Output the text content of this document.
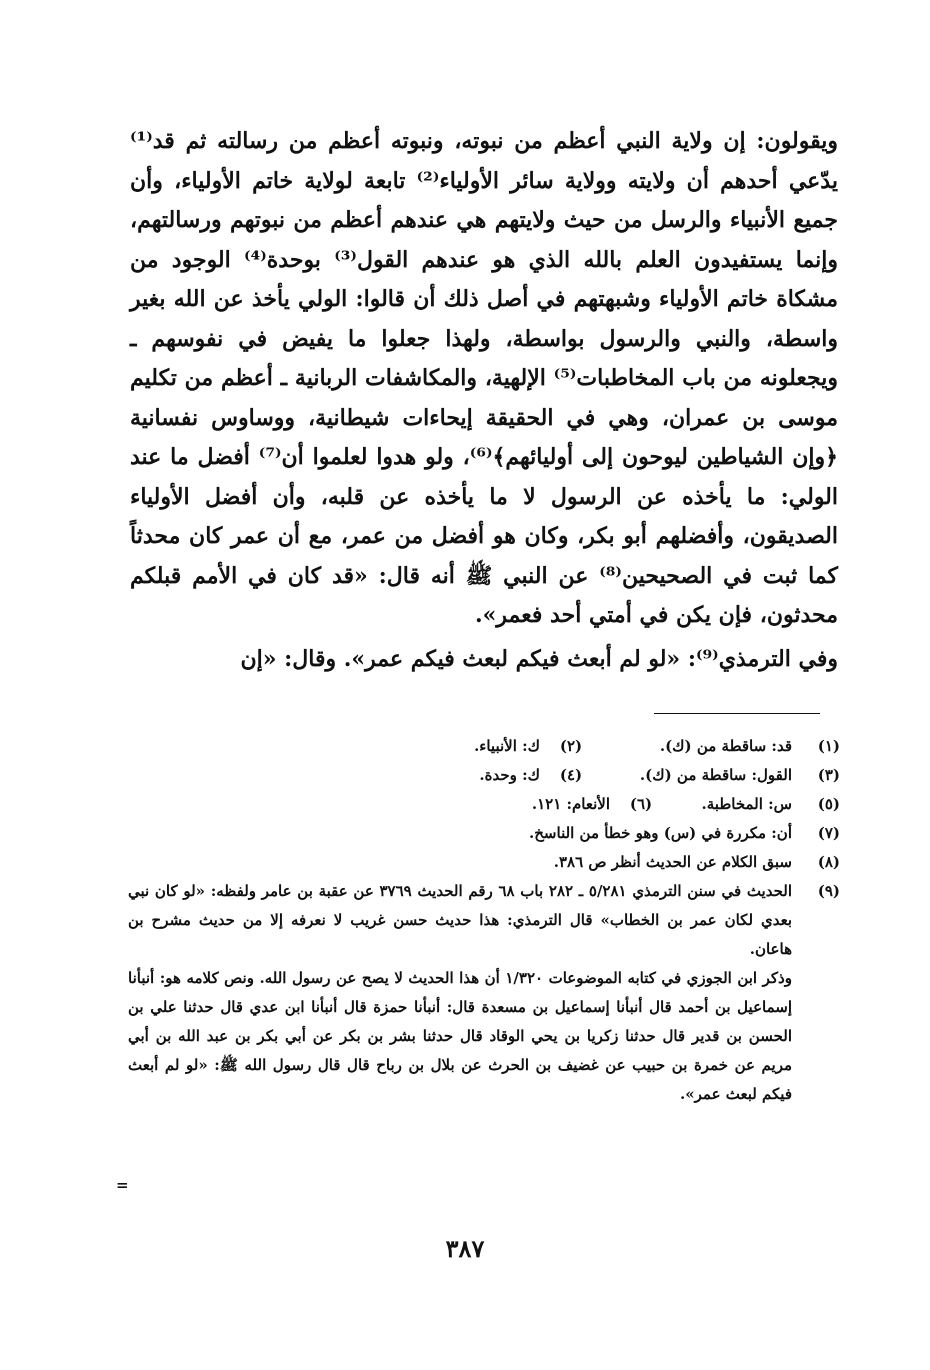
ويقولون: إن ولاية النبي أعظم من نبوته، ونبوته أعظم من رسالته ثم قد⁽¹⁾ يدّعي أحدهم أن ولايته وولاية سائر الأولياء⁽²⁾ تابعة لولاية خاتم الأولياء، وأن جميع الأنبياء والرسل من حيث ولايتهم هي عندهم أعظم من نبوتهم ورسالتهم، وإنما يستفيدون العلم بالله الذي هو عندهم القول⁽³⁾ بوحدة⁽⁴⁾ الوجود من مشكاة خاتم الأولياء وشبهتهم في أصل ذلك أن قالوا: الولي يأخذ عن الله بغير واسطة، والنبي والرسول بواسطة، ولهذا جعلوا ما يفيض في نفوسهم ـ ويجعلونه من باب المخاطبات⁽⁵⁾ الإلهية، والمكاشفات الربانية ـ أعظم من تكليم موسى بن عمران، وهي في الحقيقة إيحاءات شيطانية، ووساوس نفسانية ﴿وإن الشياطين ليوحون إلى أوليائهم﴾⁽⁶⁾، ولو هدوا لعلموا أن⁽⁷⁾ أفضل ما عند الولي: ما يأخذه عن الرسول لا ما يأخذه عن قلبه، وأن أفضل الأولياء الصديقون، وأفضلهم أبو بكر، وكان هو أفضل من عمر، مع أن عمر كان محدثاً كما ثبت في الصحيحين⁽⁸⁾ عن النبي ﷺ أنه قال: «قد كان في الأمم قبلكم محدثون، فإن يكن في أمتي أحد فعمر».

وفي الترمذي⁽⁹⁾: «لو لم أبعث فيكم لبعث فيكم عمر». وقال: «إن

(١)
قد: ساقطة من (ك).
(٢)
ك: الأنبياء.
(٣)
القول: ساقطة من (ك).
(٤)
ك: وحدة.
(٥)
س: المخاطبة.
(٦)
الأنعام: ١٢١.
(٧)
أن: مكررة في (س) وهو خطأ من الناسخ.
(٨)
سبق الكلام عن الحديث أنظر ص ٣٨٦.
(٩)
الحديث في سنن الترمذي ٥/٢٨١ ـ ٢٨٢ باب ٦٨ رقم الحديث ٣٧٦٩ عن عقبة بن عامر ولفظه: «لو كان نبي بعدي لكان عمر بن الخطاب» قال الترمذي: هذا حديث حسن غريب لا نعرفه إلا من حديث مشرح بن هاعان.
وذكر ابن الجوزي في كتابه الموضوعات ١/٣٢٠ أن هذا الحديث لا يصح عن رسول الله. ونص كلامه هو: أنبأنا إسماعيل بن أحمد قال أنبأنا إسماعيل بن مسعدة قال: أنبأنا حمزة قال أنبأنا ابن عدي قال حدثنا علي بن الحسن بن قدير قال حدثنا زكريا بن يحي الوقاد قال حدثنا بشر بن بكر عن أبي بكر بن عبد الله بن أبي مريم عن خمرة بن حبيب عن غضيف بن الحرث عن بلال بن رباح قال قال رسول الله ﷺ: «لو لم أبعث فيكم لبعث عمر».
=
٣٨٧
